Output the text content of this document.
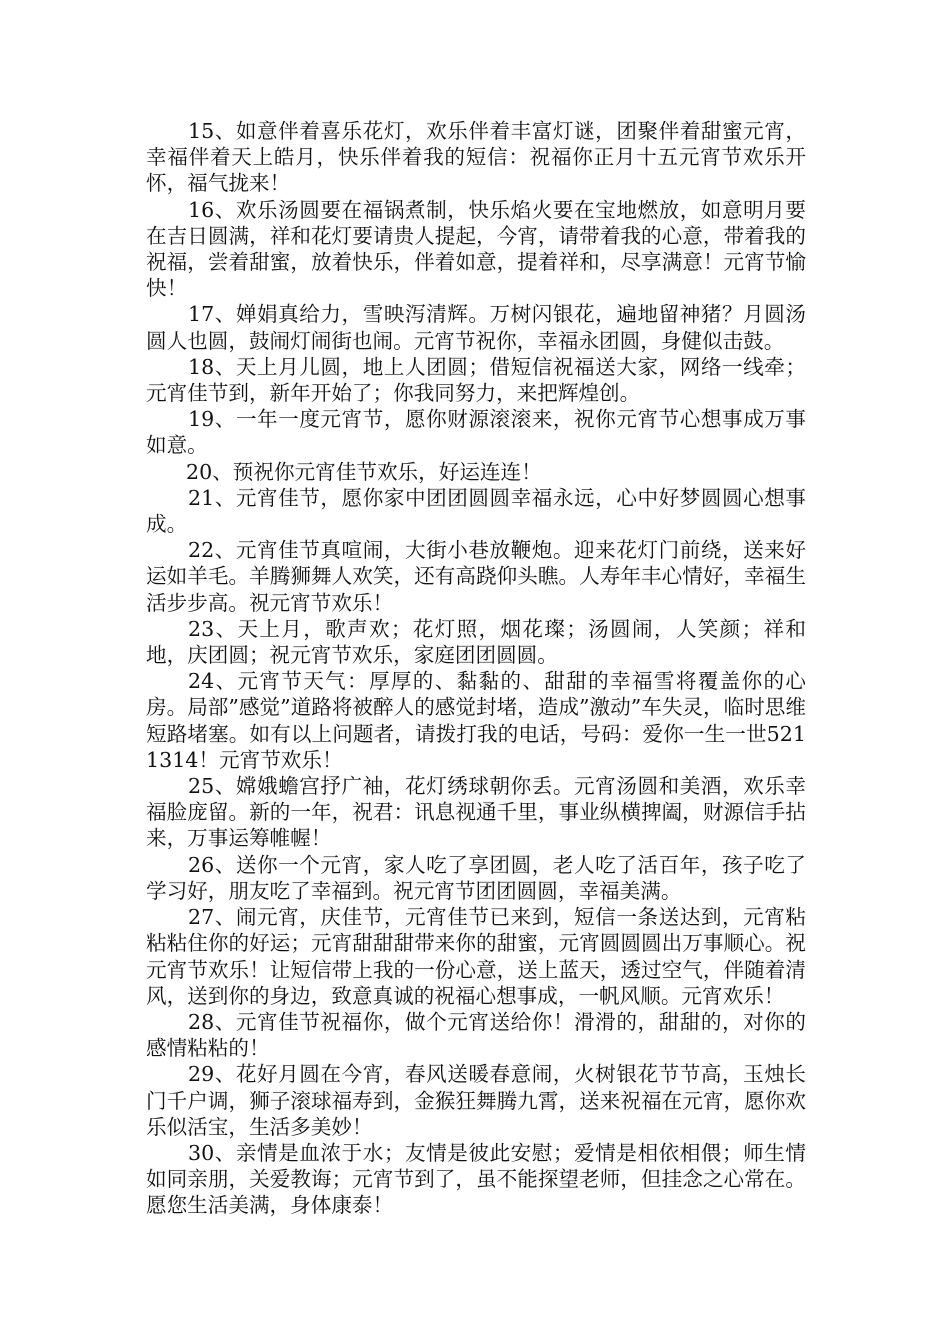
15、如意伴着喜乐花灯，欢乐伴着丰富灯谜，团聚伴着甜蜜元宵，幸福伴着天上皓月，快乐伴着我的短信：祝福你正月十五元宵节欢乐开怀，福气拢来！

16、欢乐汤圆要在福锅煮制，快乐焰火要在宝地燃放，如意明月要在吉日圆满，祥和花灯要请贵人提起，今宵，请带着我的心意，带着我的祝福，尝着甜蜜，放着快乐，伴着如意，提着祥和，尽享满意！元宵节愉快！

17、婵娟真给力，雪映泻清辉。万树闪银花，遍地留神猪？月圆汤圆人也圆，鼓闹灯闹街也闹。元宵节祝你，幸福永团圆，身健似击鼓。

18、天上月儿圆，地上人团圆；借短信祝福送大家，网络一线牵；元宵佳节到，新年开始了；你我同努力，来把辉煌创。

19、一年一度元宵节，愿你财源滚滚来，祝你元宵节心想事成万事如意。

20、预祝你元宵佳节欢乐，好运连连！

21、元宵佳节，愿你家中团团圆圆幸福永远，心中好梦圆圆心想事成。

22、元宵佳节真喧闹，大街小巷放鞭炮。迎来花灯门前绕，送来好运如羊毛。羊腾狮舞人欢笑，还有高跷仰头瞧。人寿年丰心情好，幸福生活步步高。祝元宵节欢乐！

23、天上月，歌声欢；花灯照，烟花璨；汤圆闹，人笑颜；祥和地，庆团圆；祝元宵节欢乐，家庭团团圆圆。

24、元宵节天气：厚厚的、黏黏的、甜甜的幸福雪将覆盖你的心房。局部”感觉”道路将被醉人的感觉封堵，造成”激动”车失灵，临时思维短路堵塞。如有以上问题者，请拨打我的电话，号码：爱你一生一世5211314！元宵节欢乐！

25、嫦娥蟾宫抒广袖，花灯绣球朝你丢。元宵汤圆和美酒，欢乐幸福脸庞留。新的一年，祝君：讯息视通千里，事业纵横捭阖，财源信手拈来，万事运筹帷幄！

26、送你一个元宵，家人吃了享团圆，老人吃了活百年，孩子吃了学习好，朋友吃了幸福到。祝元宵节团团圆圆，幸福美满。

27、闹元宵，庆佳节，元宵佳节已来到，短信一条送达到，元宵粘粘粘住你的好运；元宵甜甜甜带来你的甜蜜，元宵圆圆圆出万事顺心。祝元宵节欢乐！让短信带上我的一份心意，送上蓝天，透过空气，伴随着清风，送到你的身边，致意真诚的祝福心想事成，一帆风顺。元宵欢乐！

28、元宵佳节祝福你，做个元宵送给你！滑滑的，甜甜的，对你的感情粘粘的！

29、花好月圆在今宵，春风送暖春意闹，火树银花节节高，玉烛长门千户调，狮子滚球福寿到，金猴狂舞腾九霄，送来祝福在元宵，愿你欢乐似活宝，生活多美妙！

30、亲情是血浓于水；友情是彼此安慰；爱情是相依相偎；师生情如同亲朋，关爱教诲；元宵节到了，虽不能探望老师，但挂念之心常在。愿您生活美满，身体康泰！
